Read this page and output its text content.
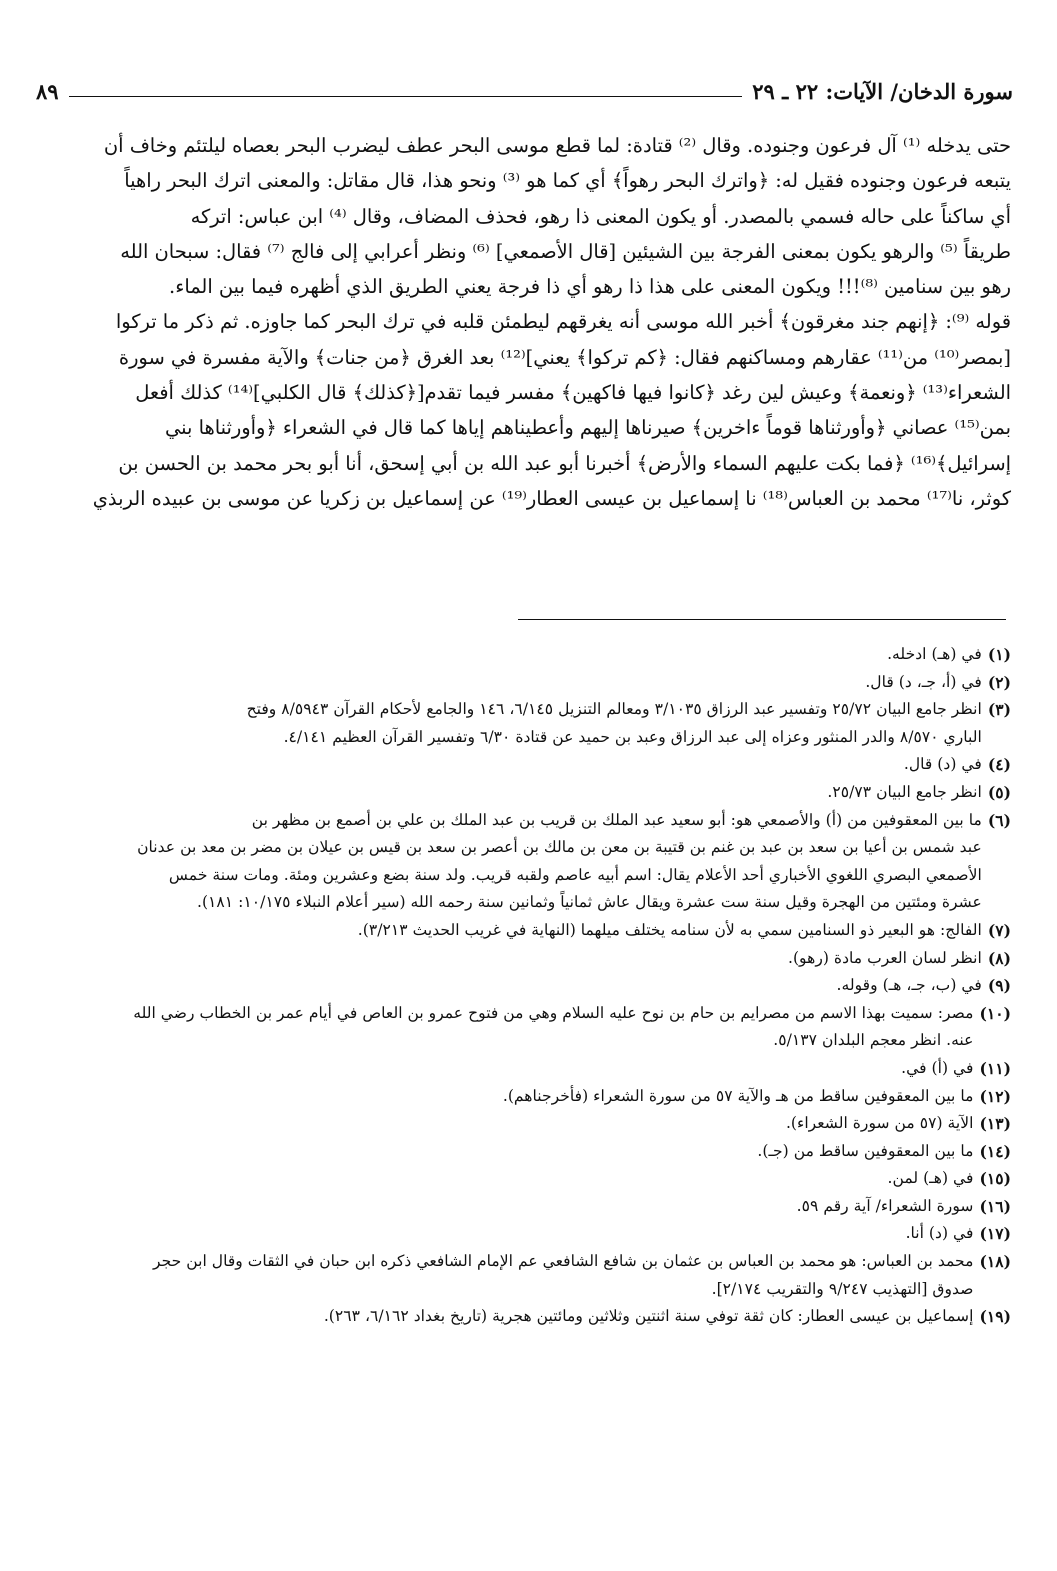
سورة الدخان/ الآيات: ٢٢ ـ ٢٩
٨٩

حتى يدخله ⁽¹⁾ آل فرعون وجنوده. وقال ⁽²⁾ قتادة: لما قطع موسى البحر عطف ليضرب البحر بعصاه ليلتئم وخاف أن

يتبعه فرعون وجنوده فقيل له: ﴿واترك البحر رهواً﴾ أي كما هو ⁽³⁾ ونحو هذا، قال مقاتل: والمعنى اترك البحر راهياً

أي ساكناً على حاله فسمي بالمصدر. أو يكون المعنى ذا رهو، فحذف المضاف، وقال ⁽⁴⁾ ابن عباس: اتركه

طريقاً ⁽⁵⁾ والرهو يكون بمعنى الفرجة بين الشيئين [قال الأصمعي] ⁽⁶⁾ ونظر أعرابي إلى فالج ⁽⁷⁾ فقال: سبحان الله

رهو بين سنامين ⁽⁸⁾!!! ويكون المعنى على هذا ذا رهو أي ذا فرجة يعني الطريق الذي أظهره فيما بين الماء.

قوله ⁽⁹⁾: ﴿إنهم جند مغرقون﴾ أخبر الله موسى أنه يغرقهم ليطمئن قلبه في ترك البحر كما جاوزه. ثم ذكر ما تركوا

[بمصر⁽¹⁰⁾ من⁽¹¹⁾ عقارهم ومساكنهم فقال: ﴿كم تركوا﴾ يعني]⁽¹²⁾ بعد الغرق ﴿من جنات﴾ والآية مفسرة في سورة

الشعراء⁽¹³⁾ ﴿ونعمة﴾ وعيش لين رغد ﴿كانوا فيها فاكهين﴾ مفسر فيما تقدم[﴿كذلك﴾ قال الكلبي]⁽¹⁴⁾ كذلك أفعل

بمن⁽¹⁵⁾ عصاني ﴿وأورثناها قوماً ءاخرين﴾ صيرناها إليهم وأعطيناهم إياها كما قال في الشعراء ﴿وأورثناها بني

إسرائيل﴾⁽¹⁶⁾ ﴿فما بكت عليهم السماء والأرض﴾ أخبرنا أبو عبد الله بن أبي إسحق، أنا أبو بحر محمد بن الحسن بن

كوثر، نا⁽¹⁷⁾ محمد بن العباس⁽¹⁸⁾ نا إسماعيل بن عيسى العطار⁽¹⁹⁾ عن إسماعيل بن زكريا عن موسى بن عبيده الربذي

(١)
في (هـ) ادخله.
(٢)
في (أ، جـ، د) قال.
(٣)
انظر جامع البيان ٢٥/٧٢ وتفسير عبد الرزاق ٣/١٠٣٥ ومعالم التنزيل ٦/١٤٥، ١٤٦ والجامع لأحكام القرآن ٨/٥٩٤٣ وفتح
الباري ٨/٥٧٠ والدر المنثور وعزاه إلى عبد الرزاق وعبد بن حميد عن قتادة ٦/٣٠ وتفسير القرآن العظيم ٤/١٤١.
(٤)
في (د) قال.
(٥)
انظر جامع البيان ٢٥/٧٣.
(٦)
ما بين المعقوفين من (أ) والأصمعي هو: أبو سعيد عبد الملك بن قريب بن عبد الملك بن علي بن أصمع بن مظهر بن
عبد شمس بن أعيا بن سعد بن عبد بن غنم بن قتيبة بن معن بن مالك بن أعصر بن سعد بن قيس بن عيلان بن مضر بن معد بن عدنان
الأصمعي البصري اللغوي الأخباري أحد الأعلام يقال: اسم أبيه عاصم ولقبه قريب. ولد سنة بضع وعشرين ومئة. ومات سنة خمس
عشرة ومئتين من الهجرة وقيل سنة ست عشرة ويقال عاش ثمانياً وثمانين سنة رحمه الله (سير أعلام النبلاء ١٠/١٧٥: ١٨١).
(٧)
الفالج: هو البعير ذو السنامين سمي به لأن سنامه يختلف ميلهما (النهاية في غريب الحديث ٣/٢١٣).
(٨)
انظر لسان العرب مادة (رهو).
(٩)
في (ب، جـ، هـ) وقوله.
(١٠)
مصر: سميت بهذا الاسم من مصرايم بن حام بن نوح عليه السلام وهي من فتوح عمرو بن العاص في أيام عمر بن الخطاب رضي الله
عنه. انظر معجم البلدان ٥/١٣٧.
(١١)
في (أ) في.
(١٢)
ما بين المعقوفين ساقط من هـ والآية ٥٧ من سورة الشعراء (فأخرجناهم).
(١٣)
الآية (٥٧ من سورة الشعراء).
(١٤)
ما بين المعقوفين ساقط من (جـ).
(١٥)
في (هـ) لمن.
(١٦)
سورة الشعراء/ آية رقم ٥٩.
(١٧)
في (د) أنا.
(١٨)
محمد بن العباس: هو محمد بن العباس بن عثمان بن شافع الشافعي عم الإمام الشافعي ذكره ابن حبان في الثقات وقال ابن حجر
صدوق [التهذيب ٩/٢٤٧ والتقريب ٢/١٧٤].
(١٩)
إسماعيل بن عيسى العطار: كان ثقة توفي سنة اثنتين وثلاثين ومائتين هجرية (تاريخ بغداد ٦/١٦٢، ٢٦٣).
